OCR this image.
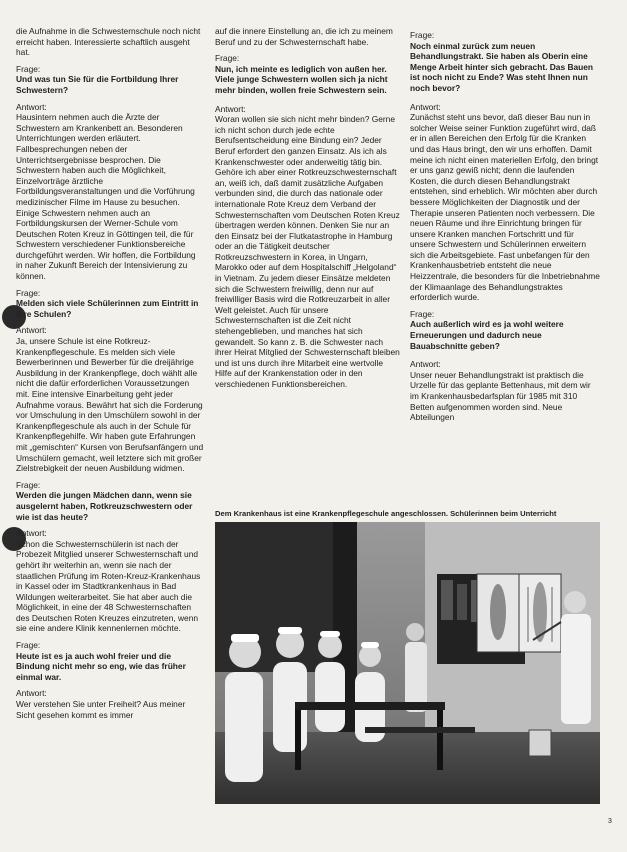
die Aufnahme in die Schwesternschule noch nicht erreicht haben. Interessierte schaftlich ausgeht hat.

Frage:

Und was tun Sie für die Fortbildung Ihrer Schwestern?

Antwort:

Hausintern nehmen auch die Ärzte der Schwestern am Krankenbett an. Besonderen Unterrichtungen werden erläutert. Fallbesprechungen neben der Unterrichtsergebnisse besprochen. Die Schwestern haben auch die Möglichkeit, Einzelvorträge ärztliche Fortbildungsveranstaltungen und die Vorführung medizinischer Filme im Hause zu besuchen. Einige Schwestern nehmen auch an Fortbildungskursen der Werner-Schule vom Deutschen Roten Kreuz in Göttingen teil, die für Schwestern verschiedener Funktionsbereiche durchgeführt werden. Wir hoffen, die Fortbildung in naher Zukunft Bereich der Intensivierung zu können.

Frage:

Melden sich viele Schülerinnen zum Eintritt in Ihre Schulen?

Antwort:

Ja, unsere Schule ist eine Rotkreuz-Krankenpflegeschule. Es melden sich viele Bewerberinnen und Bewerber für die dreijährige Ausbildung in der Krankenpflege, doch wählt alle nicht die dafür erforderlichen Voraussetzungen mit. Eine intensive Einarbeitung geht jeder Aufnahme voraus. Bewährt hat sich die Forderung vor Umschulung in den Umschülern sowohl in der Krankenpflegeschule als auch in der Schule für Krankenpflegehilfe. Wir haben gute Erfahrungen mit „gemischten“ Kursen von Berufsanfängern und Umschülern gemacht, weil letztere sich mit großer Zielstrebigkeit der neuen Ausbildung widmen.

Frage:

Werden die jungen Mädchen dann, wenn sie ausgelernt haben, Rotkreuzschwestern oder wie ist das heute?

Antwort:

Schon die Schwesternschülerin ist nach der Probezeit Mitglied unserer Schwesternschaft und gehört ihr weiterhin an, wenn sie nach der staatlichen Prüfung im Roten-Kreuz-Krankenhaus in Kassel oder im Stadtkrankenhaus in Bad Wildungen weiterarbeitet. Sie hat aber auch die Möglichkeit, in eine der 48 Schwesternschaften des Deutschen Roten Kreuzes einzutreten, wenn sie eine andere Klinik kennenlernen möchte.

Frage:

Heute ist es ja auch wohl freier und die Bindung nicht mehr so eng, wie das früher einmal war.

Antwort:

Wer verstehen Sie unter Freiheit? Aus meiner Sicht gesehen kommt es immer

auf die innere Einstellung an, die ich zu meinem Beruf und zu der Schwesternschaft habe.

Frage:

Nun, ich meinte es lediglich von außen her. Viele junge Schwestern wollen sich ja nicht mehr binden, wollen freie Schwestern sein.

Antwort:

Woran wollen sie sich nicht mehr binden? Gerne ich nicht schon durch jede echte Berufsentscheidung eine Bindung ein? Jeder Beruf erfordert den ganzen Einsatz. Als ich als Krankenschwester oder anderweitig tätig bin. Gehöre ich aber einer Rotkreuzschwesternschaft an, weiß ich, daß damit zusätzliche Aufgaben verbunden sind, die durch das nationale oder internationale Rote Kreuz dem Verband der Schwesternschaften vom Deutschen Roten Kreuz übertragen werden können. Denken Sie nur an den Einsatz bei der Flutkatastrophe in Hamburg oder an die Tätigkeit deutscher Rotkreuzschwestern in Korea, in Ungarn, Marokko oder auf dem Hospitalschiff „Helgoland“ in Vietnam. Zu jedem dieser Einsätze meldeten sich die Schwestern freiwillig, denn nur auf freiwilliger Basis wird die Rotkreuzarbeit in aller Welt geleistet. Auch für unsere Schwesternschaften ist die Zeit nicht stehengeblieben, und manches hat sich gewandelt. So kann z. B. die Schwester nach ihrer Heirat Mitglied der Schwesternschaft bleiben und ist uns durch ihre Mitarbeit eine wertvolle Hilfe auf der Krankenstation oder in den verschiedenen Funktionsbereichen.

Frage:

Noch einmal zurück zum neuen Behandlungstrakt. Sie haben als Oberin eine Menge Arbeit hinter sich gebracht. Das Bauen ist noch nicht zu Ende? Was steht Ihnen nun noch bevor?

Antwort:

Zunächst steht uns bevor, daß dieser Bau nun in solcher Weise seiner Funktion zugeführt wird, daß er in allen Bereichen den Erfolg für die Kranken und das Haus bringt, den wir uns erhoffen. Damit meine ich nicht einen materiellen Erfolg, den bringt er uns ganz gewiß nicht; denn die laufenden Kosten, die durch diesen Behandlungstrakt entstehen, sind erheblich. Wir möchten aber durch bessere Möglichkeiten der Diagnostik und der Therapie unseren Patienten noch verbessern. Die neuen Räume und ihre Einrichtung bringen für unsere Kranken manchen Fortschritt und für unsere Schwestern und Schülerinnen erweitern sich die Arbeitsgebiete. Fast unbefangen für den Krankenhausbetrieb entsteht die neue Heizzentrale, die besonders für die Inbetriebnahme der Klimaanlage des Behandlungstraktes erforderlich wurde.

Frage:

Auch außerlich wird es ja wohl weitere Erneuerungen und dadurch neue Bauabschnitte geben?

Antwort:

Unser neuer Behandlungstrakt ist praktisch die Urzelle für das geplante Bettenhaus, mit dem wir im Krankenhausbedarfsplan für 1985 mit 310 Betten aufgenommen worden sind. Neue Abteilungen

Dem Krankenhaus ist eine Krankenpflegeschule angeschlossen. Schülerinnen beim Unterricht
3
